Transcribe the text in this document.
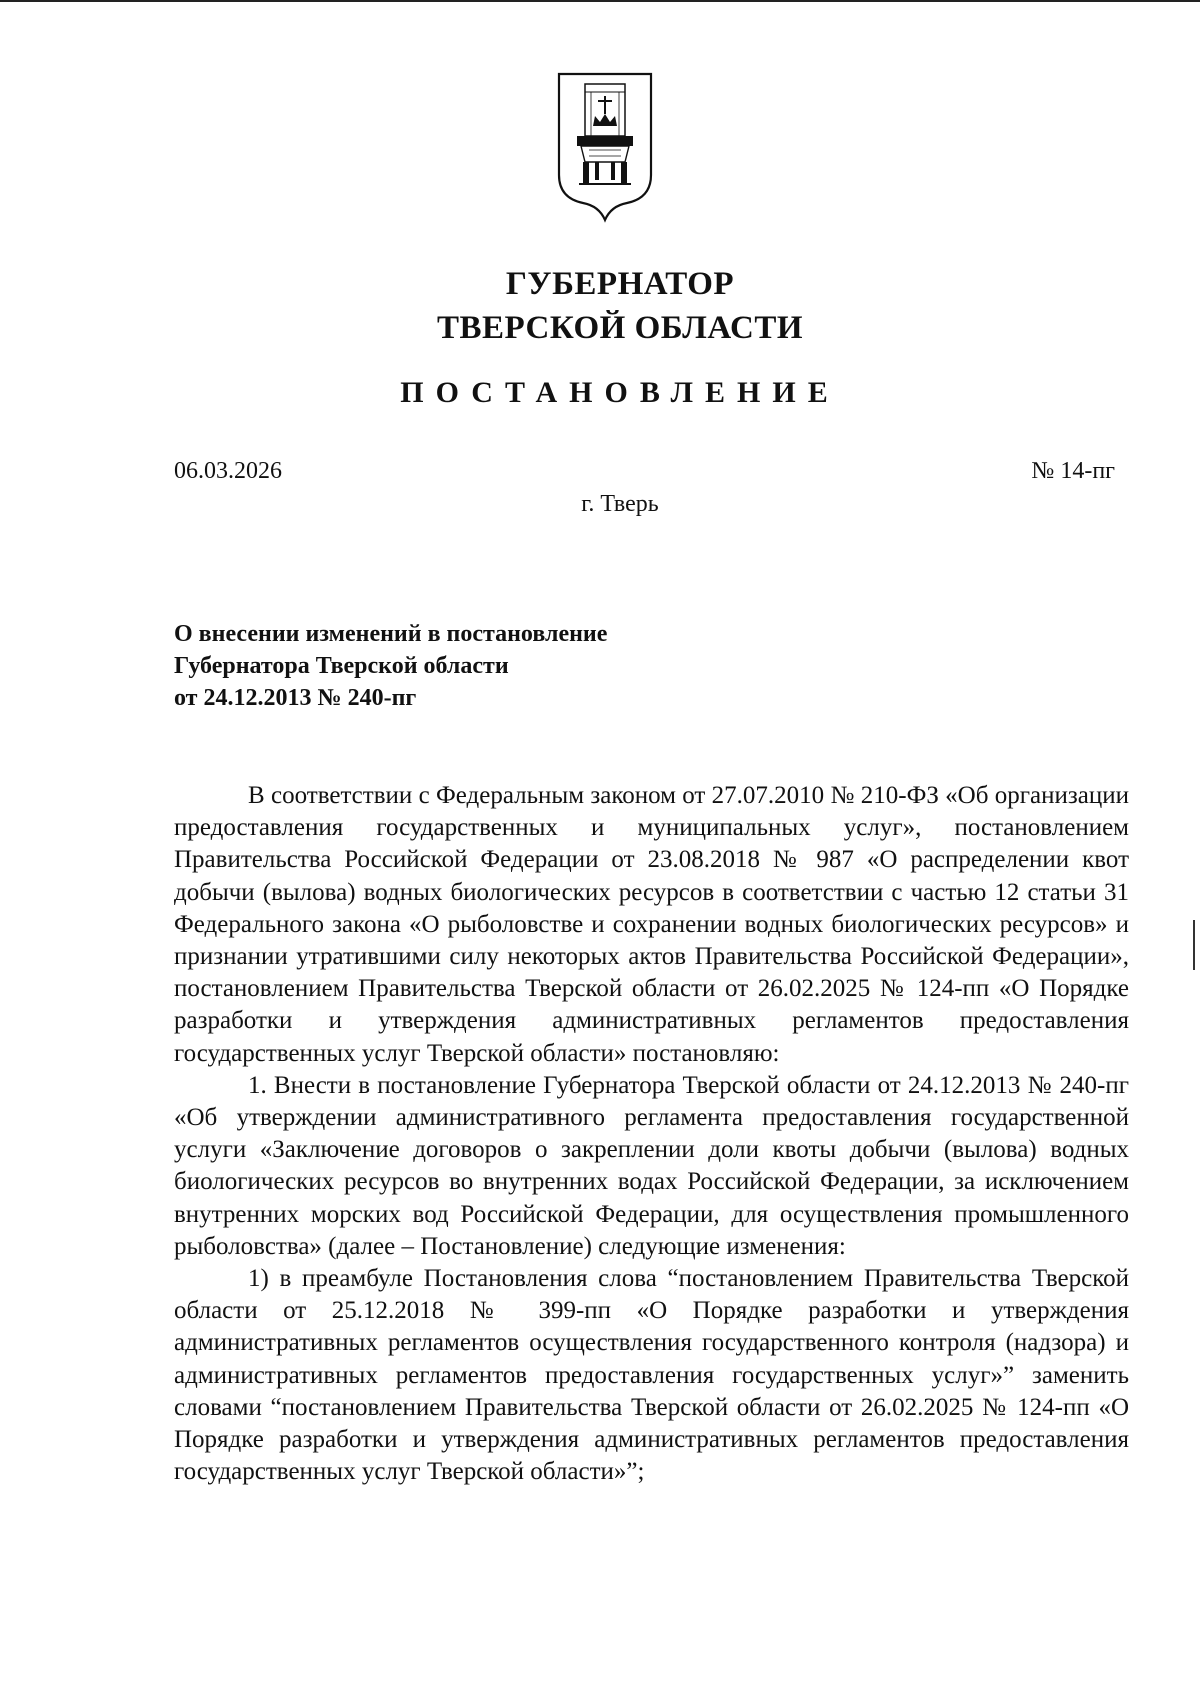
ГУБЕРНАТОР
ТВЕРСКОЙ ОБЛАСТИ
ПОСТАНОВЛЕНИЕ
06.03.2026	№ 14-пг
г. Тверь
О внесении изменений в постановление
Губернатора Тверской области
от 24.12.2013 № 240-пг

В соответствии с Федеральным законом от 27.07.2010 № 210-ФЗ «Об организации предоставления государственных и муниципальных услуг», постановлением Правительства Российской Федерации от 23.08.2018 № 987 «О распределении квот добычи (вылова) водных биологических ресурсов в соответствии с частью 12 статьи 31 Федерального закона «О рыболовстве и сохранении водных биологических ресурсов» и признании утратившими силу некоторых актов Правительства Российской Федерации», постановлением Правительства Тверской области от 26.02.2025 № 124-пп «О Порядке разработки и утверждения административных регламентов предоставления государственных услуг Тверской области» постановляю:

1. Внести в постановление Губернатора Тверской области от 24.12.2013 № 240-пг «Об утверждении административного регламента предоставления государственной услуги «Заключение договоров о закреплении доли квоты добычи (вылова) водных биологических ресурсов во внутренних водах Российской Федерации, за исключением внутренних морских вод Российской Федерации, для осуществления промышленного рыболовства» (далее – Постановление) следующие изменения:

1) в преамбуле Постановления слова “постановлением Правительства Тверской области от 25.12.2018 № 399-пп «О Порядке разработки и утверждения административных регламентов осуществления государственного контроля (надзора) и административных регламентов предоставления государственных услуг»” заменить словами “постановлением Правительства Тверской области от 26.02.2025 № 124-пп «О Порядке разработки и утверждения административных регламентов предоставления государственных услуг Тверской области»”;
